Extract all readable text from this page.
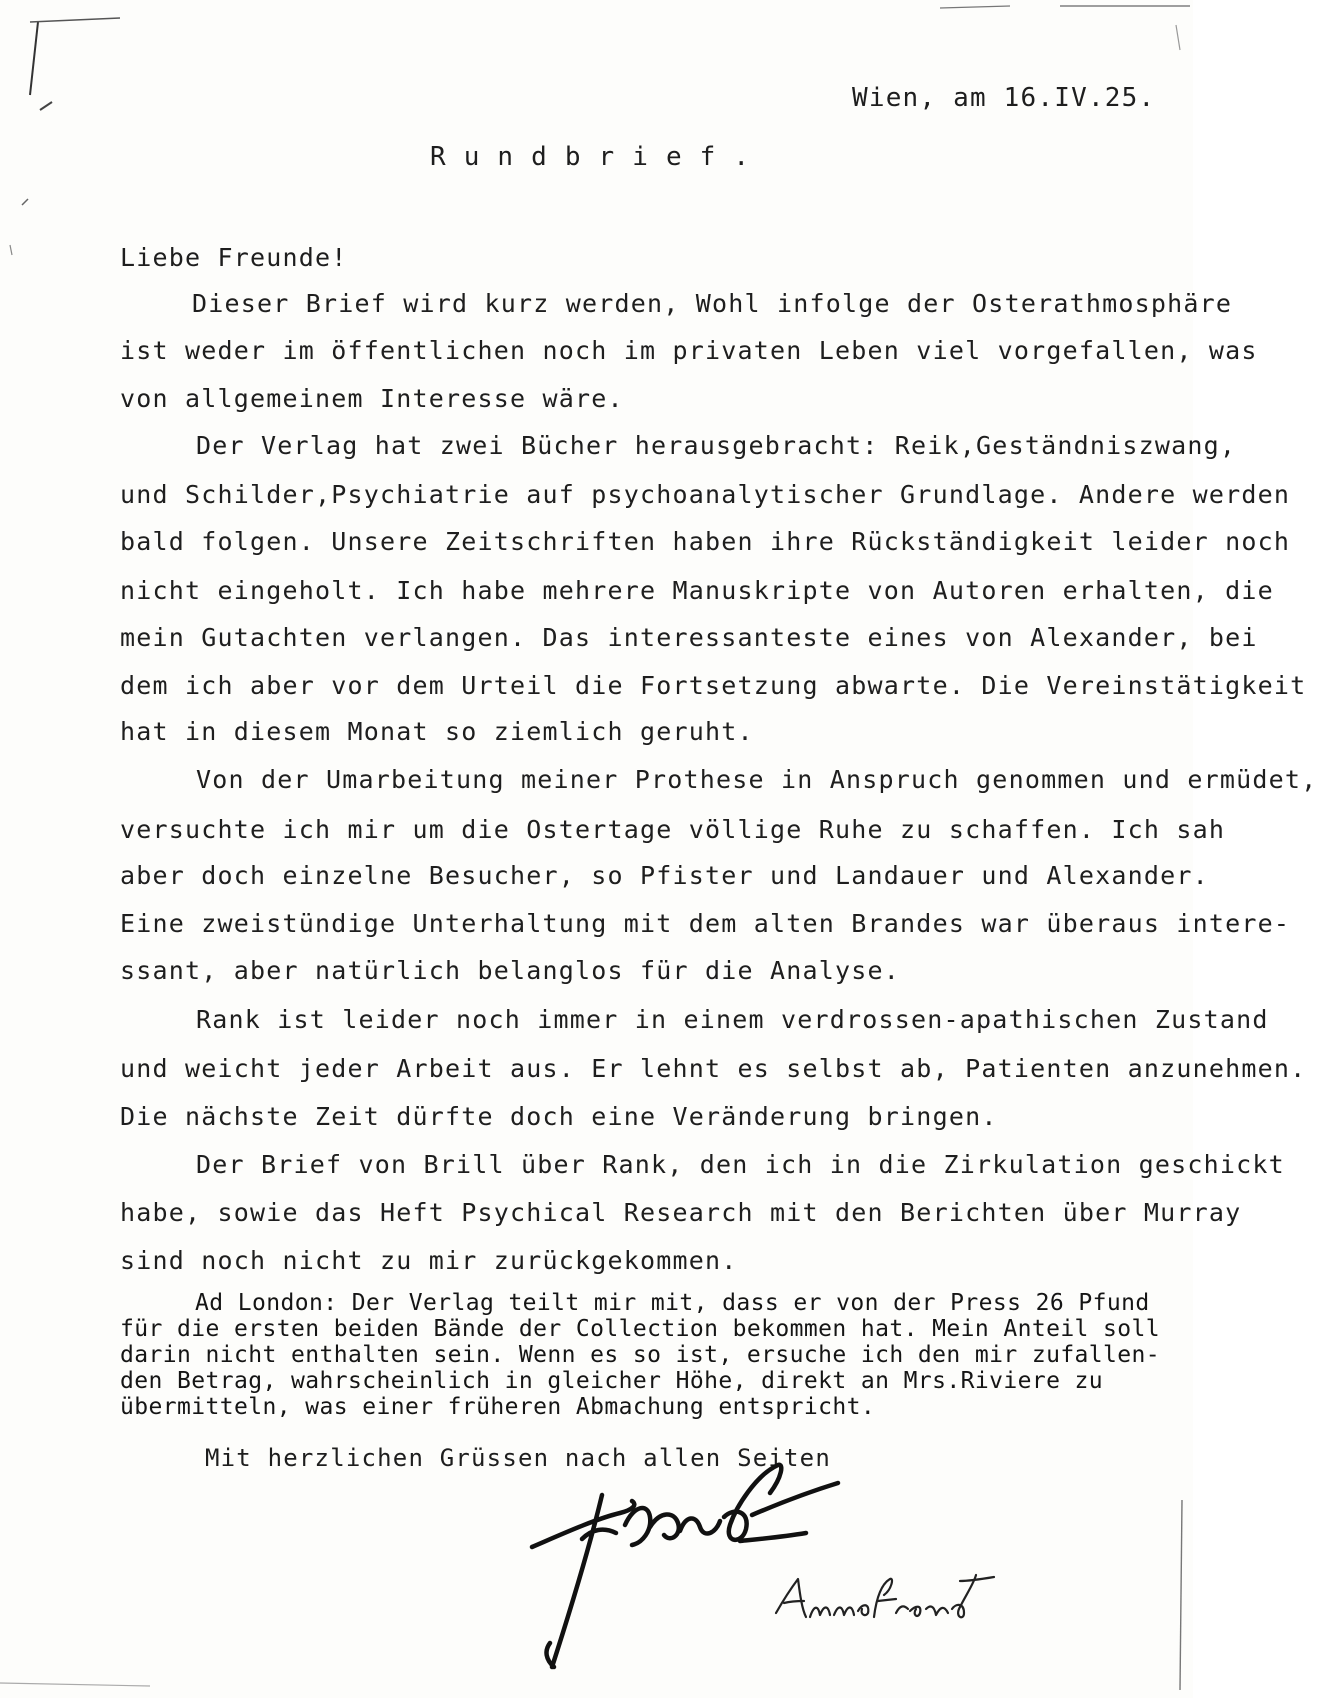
Wien, am 16.IV.25.
R u n d b r i e f .
Liebe Freunde!
Dieser Brief wird kurz werden, Wohl infolge der Osterathmosphäre
ist weder im öffentlichen noch im privaten Leben viel vorgefallen, was
von allgemeinem Interesse wäre.
Der Verlag hat zwei Bücher herausgebracht: Reik,Geständniszwang,
und Schilder,Psychiatrie auf psychoanalytischer Grundlage. Andere werden
bald folgen. Unsere Zeitschriften haben ihre Rückständigkeit leider noch
nicht eingeholt. Ich habe mehrere Manuskripte von Autoren erhalten, die
mein Gutachten verlangen. Das interessanteste eines von Alexander, bei
dem ich aber vor dem Urteil die Fortsetzung abwarte. Die Vereinstätigkeit
hat in diesem Monat so ziemlich geruht.
Von der Umarbeitung meiner Prothese in Anspruch genommen und ermüdet,
versuchte ich mir um die Ostertage völlige Ruhe zu schaffen. Ich sah
aber doch einzelne Besucher, so Pfister und Landauer und Alexander.
Eine zweistündige Unterhaltung mit dem alten Brandes war überaus intere-
ssant, aber natürlich belanglos für die Analyse.
Rank ist leider noch immer in einem verdrossen-apathischen Zustand
und weicht jeder Arbeit aus. Er lehnt es selbst ab, Patienten anzunehmen.
Die nächste Zeit dürfte doch eine Veränderung bringen.
Der Brief von Brill über Rank, den ich in die Zirkulation geschickt
habe, sowie das Heft Psychical Research mit den Berichten über Murray
sind noch nicht zu mir zurückgekommen.
Ad London: Der Verlag teilt mir mit, dass er von der Press 26 Pfund
für die ersten beiden Bände der Collection bekommen hat. Mein Anteil soll
darin nicht enthalten sein. Wenn es so ist, ersuche ich den mir zufallen-
den Betrag, wahrscheinlich in gleicher Höhe, direkt an Mrs.Riviere zu
übermitteln, was einer früheren Abmachung entspricht.
Mit herzlichen Grüssen nach allen Seiten
